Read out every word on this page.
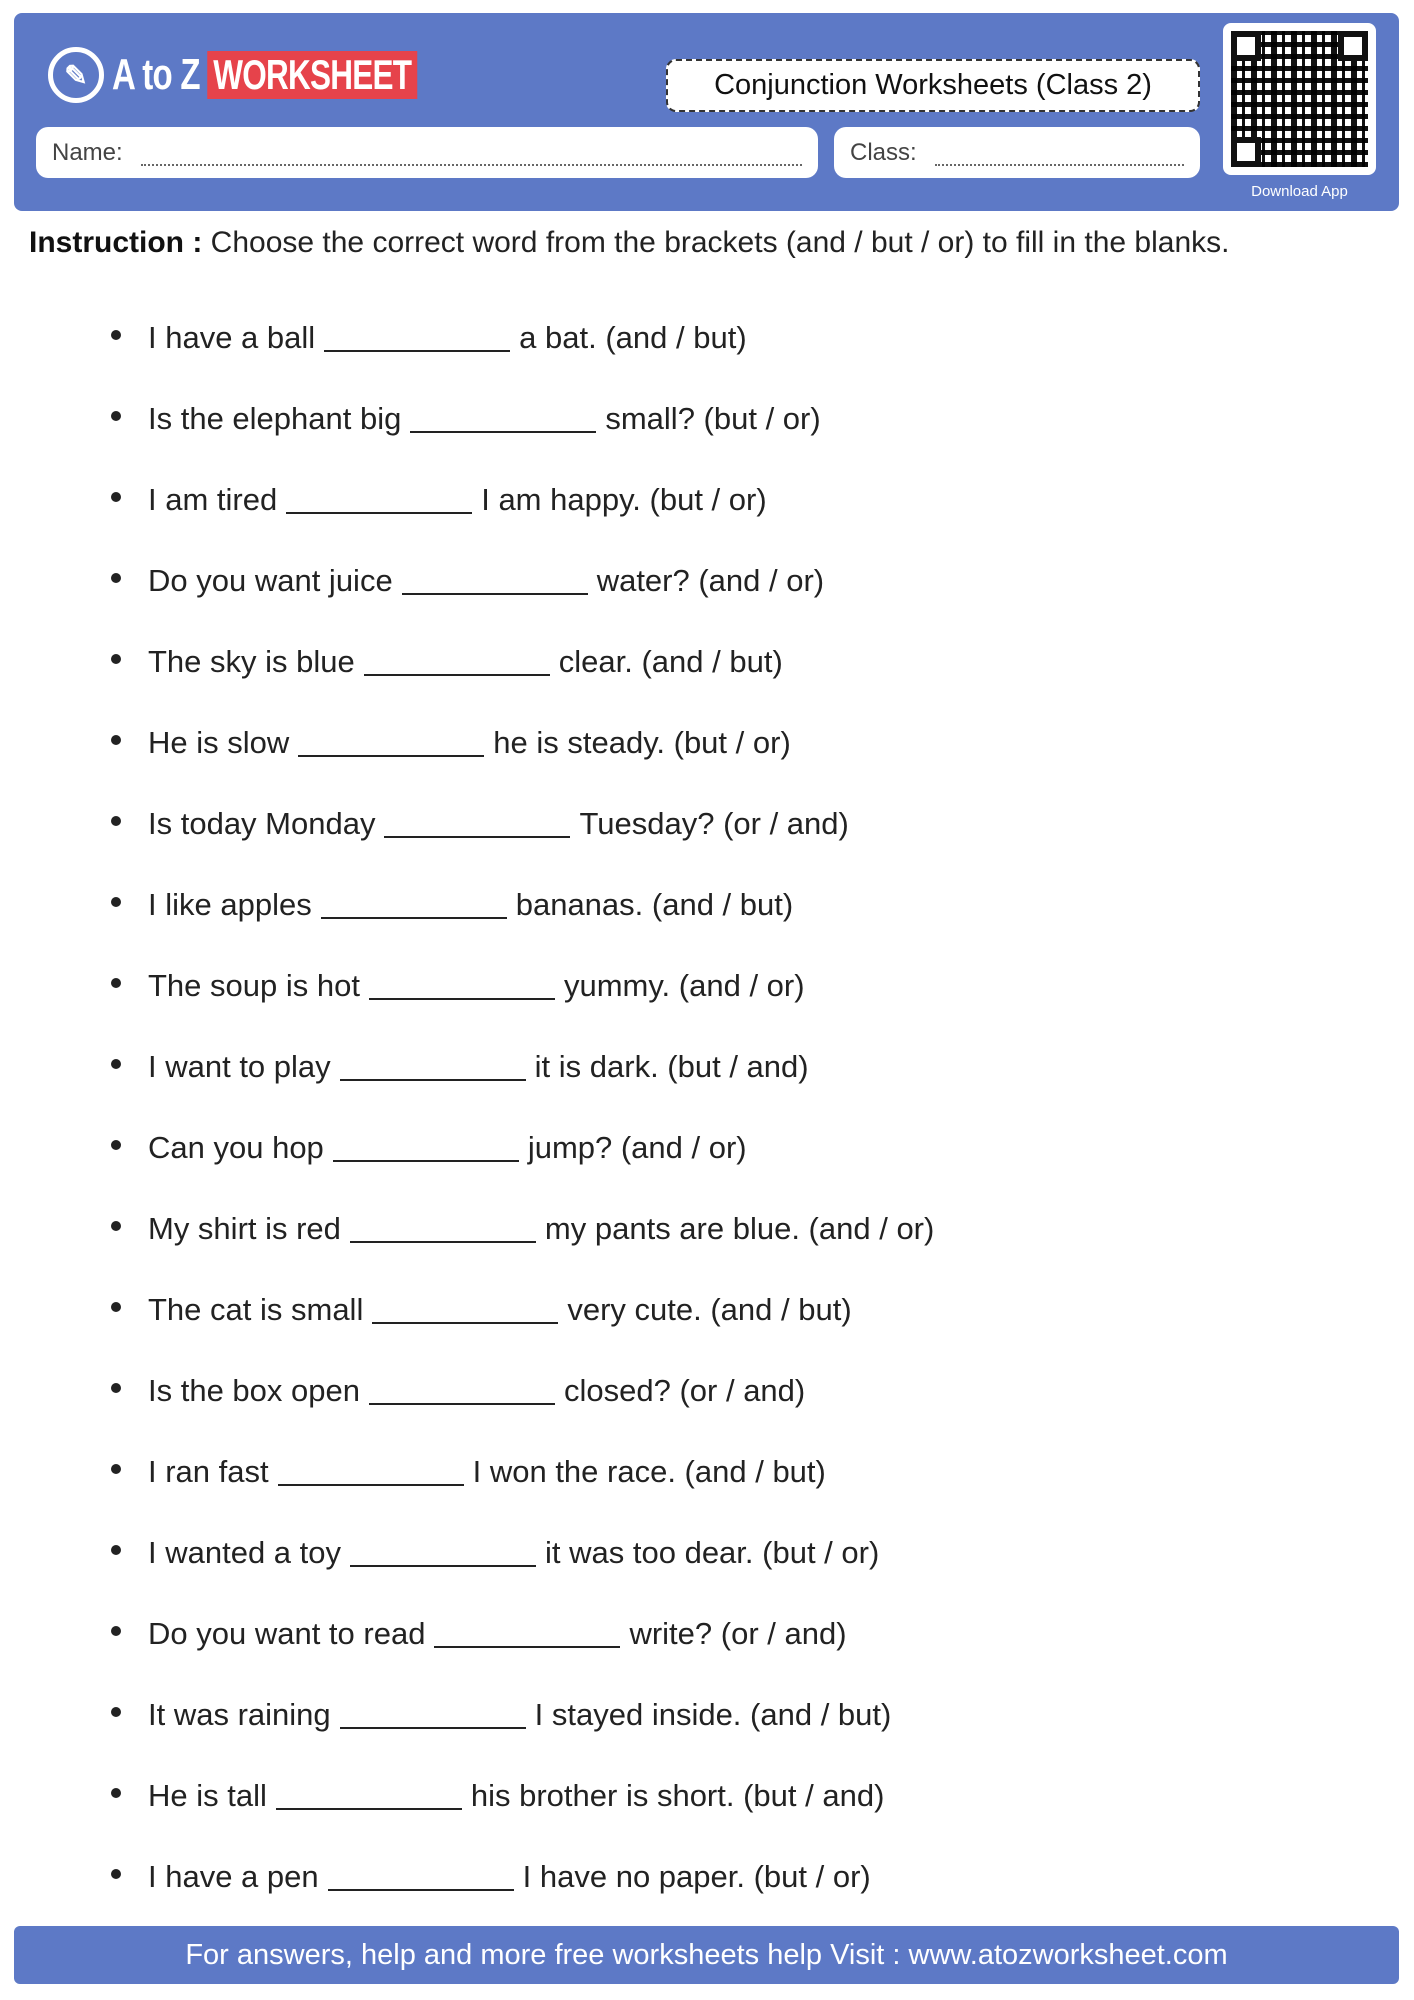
✎ A to Z WORKSHEET	Conjunction Worksheets (Class 2)
Name:	Class:
Download App
Instruction : Choose the correct word from the brackets (and / but / or) to fill in the blanks.
I have a ball	a bat. (and / but)
Is the elephant big	small? (but / or)
I am tired	I am happy. (but / or)
Do you want juice	water? (and / or)
The sky is blue	clear. (and / but)
He is slow	he is steady. (but / or)
Is today Monday	Tuesday? (or / and)
I like apples	bananas. (and / but)
The soup is hot	yummy. (and / or)
I want to play	it is dark. (but / and)
Can you hop	jump? (and / or)
My shirt is red	my pants are blue. (and / or)
The cat is small	very cute. (and / but)
Is the box open	closed? (or / and)
I ran fast	I won the race. (and / but)
I wanted a toy	it was too dear. (but / or)
Do you want to read	write? (or / and)
It was raining	I stayed inside. (and / but)
He is tall	his brother is short. (but / and)
I have a pen	I have no paper. (but / or)
For answers, help and more free worksheets help Visit : www.atozworksheet.com
